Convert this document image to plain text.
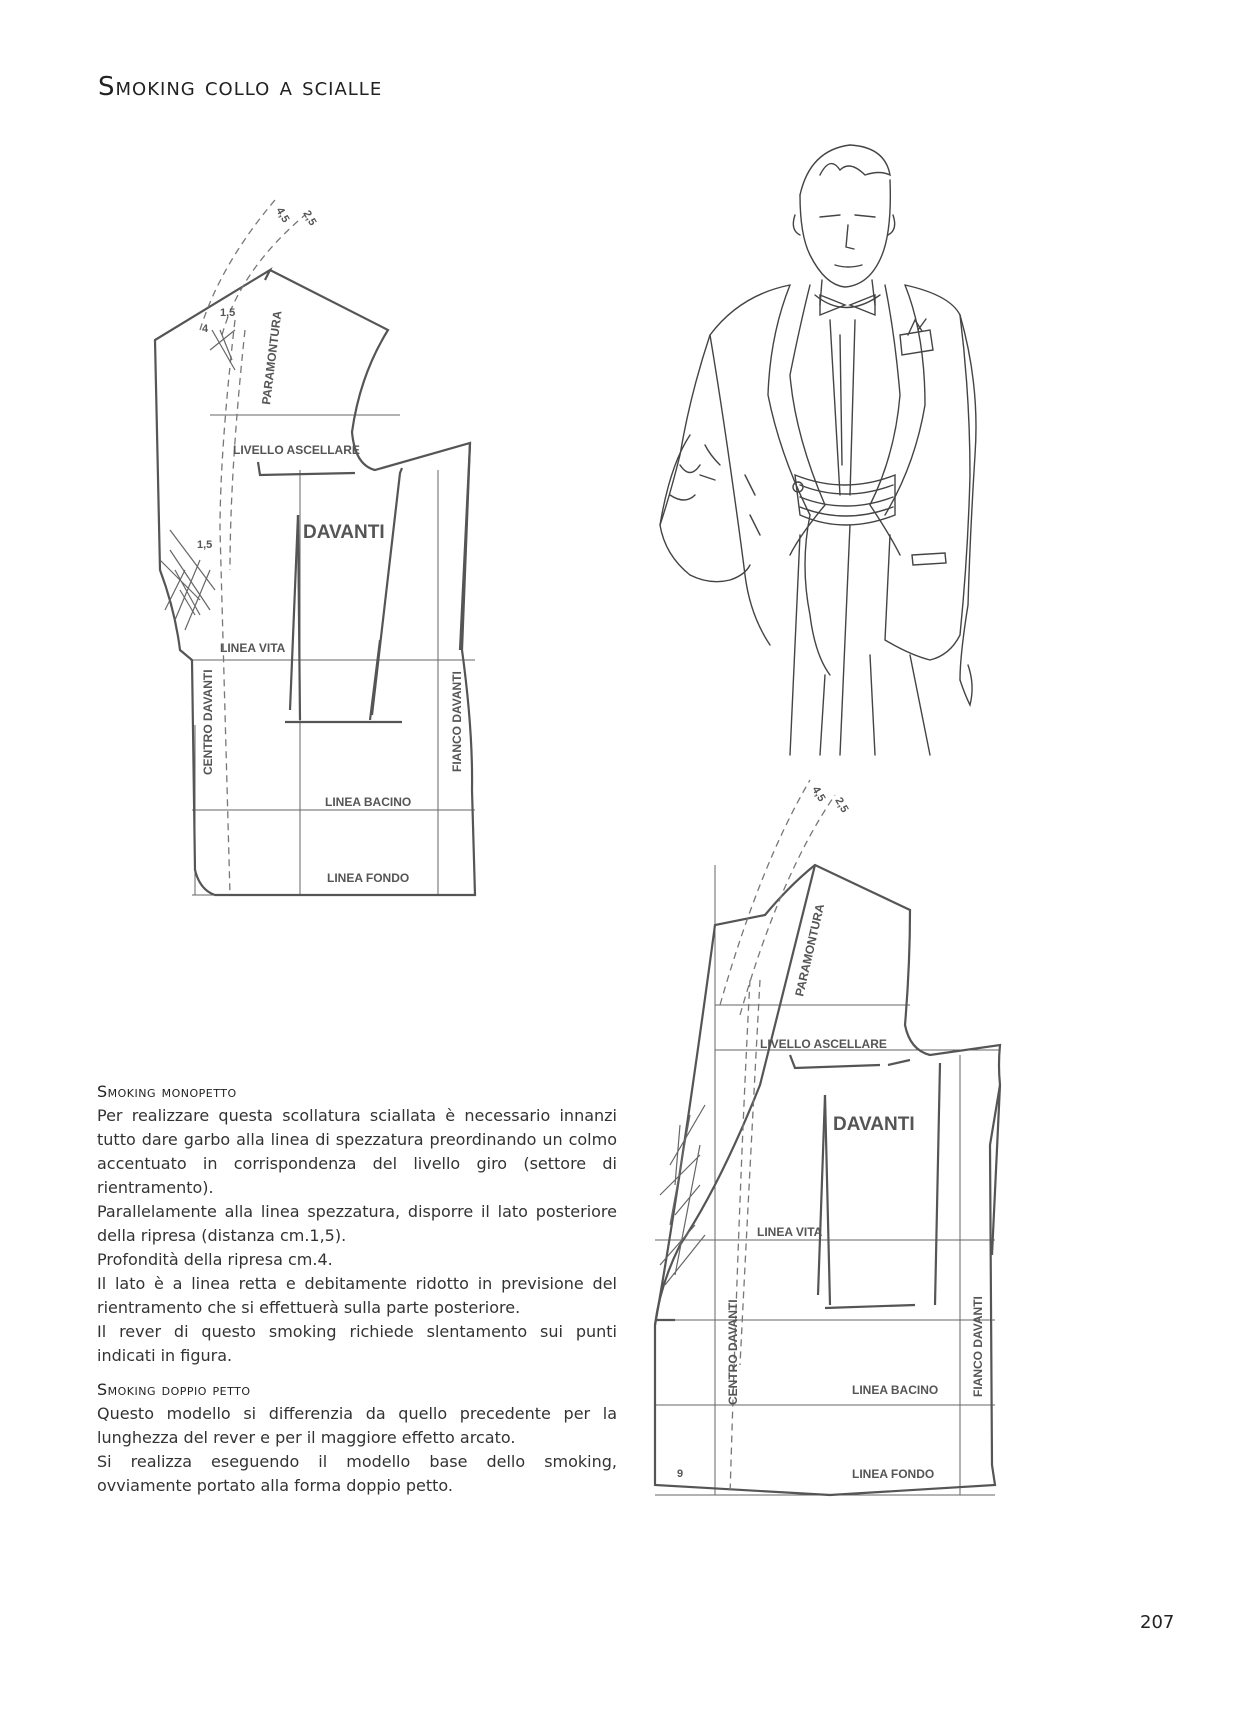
Smoking collo a scialle
4,5 2,5
1,5
4
1,5
PARAMONTURA
LIVELLO ASCELLARE
DAVANTI
LINEA VITA
CENTRO DAVANTI	FIANCO DAVANTI
LINEA BACINO
LINEA FONDO
4,5
2,5
PARAMONTURA
LIVELLO ASCELLARE
DAVANTI
LINEA VITA
CENTRO DAVANTI	FIANCO DAVANTI
LINEA BACINO
LINEA FONDO
9
Smoking monopetto

Per realizzare questa scollatura sciallata è necessario innanzi tutto dare garbo alla linea di spezzatura preordinando un colmo accentuato in corrispondenza del livello giro (settore di rientramento).

Parallelamente alla linea spezzatura, disporre il lato posteriore della ripresa (distanza cm.1,5).

Profondità della ripresa cm.4.

Il lato è a linea retta e debitamente ridotto in previsione del rientramento che si effettuerà sulla parte posteriore.

Il rever di questo smoking richiede slentamento sui punti indicati in figura.

Smoking doppio petto

Questo modello si differenzia da quello precedente per la lunghezza del rever e per il maggiore effetto arcato.

Si realizza eseguendo il modello base dello smoking, ovviamente portato alla forma doppio petto.

207
